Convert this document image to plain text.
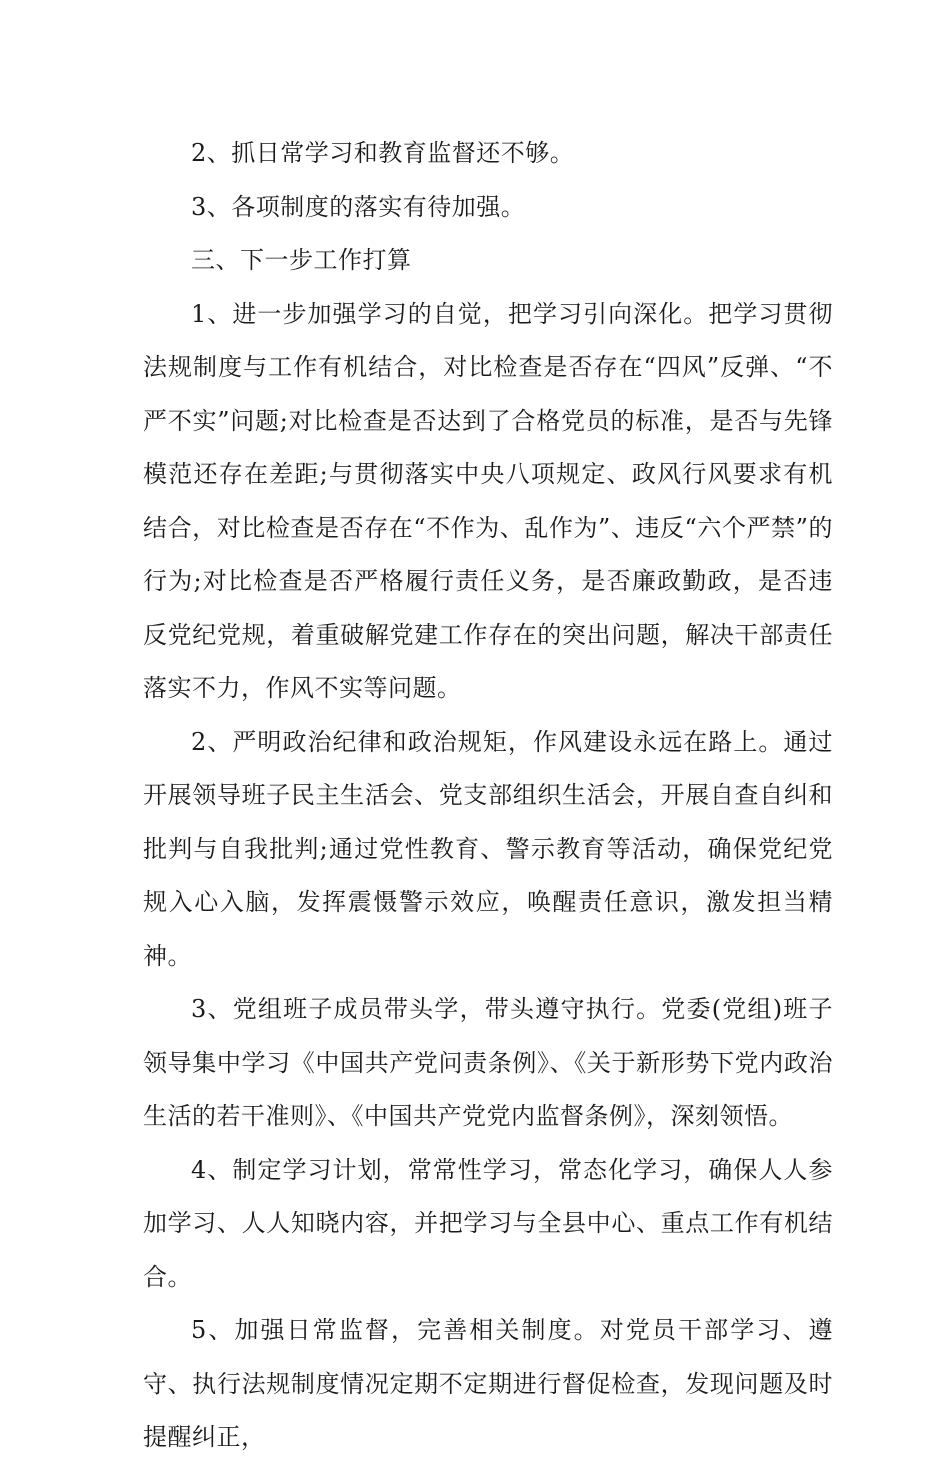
2、抓日常学习和教育监督还不够。

3、各项制度的落实有待加强。

三、下一步工作打算

1、进一步加强学习的自觉，把学习引向深化。把学习贯彻法规制度与工作有机结合，对比检查是否存在“四风”反弹、“不严不实”问题;对比检查是否达到了合格党员的标准，是否与先锋模范还存在差距;与贯彻落实中央八项规定、政风行风要求有机结合，对比检查是否存在“不作为、乱作为”、违反“六个严禁”的行为;对比检查是否严格履行责任义务，是否廉政勤政，是否违反党纪党规，着重破解党建工作存在的突出问题，解决干部责任落实不力，作风不实等问题。

2、严明政治纪律和政治规矩，作风建设永远在路上。通过开展领导班子民主生活会、党支部组织生活会，开展自查自纠和批判与自我批判;通过党性教育、警示教育等活动，确保党纪党规入心入脑，发挥震慑警示效应，唤醒责任意识，激发担当精神。

3、党组班子成员带头学，带头遵守执行。党委(党组)班子领导集中学习《中国共产党问责条例》、《关于新形势下党内政治生活的若干准则》、《中国共产党党内监督条例》，深刻领悟。

4、制定学习计划，常常性学习，常态化学习，确保人人参加学习、人人知晓内容，并把学习与全县中心、重点工作有机结合。

5、加强日常监督，完善相关制度。对党员干部学习、遵守、执行法规制度情况定期不定期进行督促检查，发现问题及时提醒纠正，
